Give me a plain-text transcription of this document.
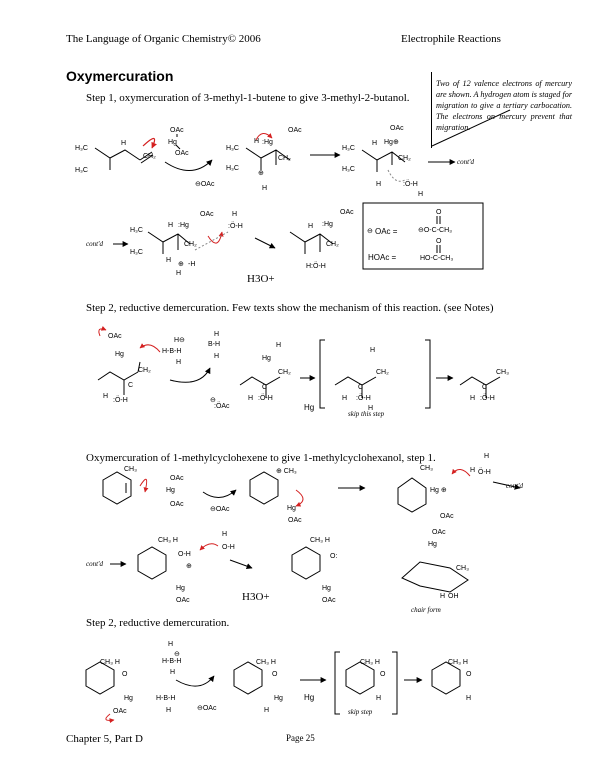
The Language of Organic Chemistry© 2006	Electrophile Reactions
Oxymercuration
Step 1, oxymercuration of 3-methyl-1-butene to give 3-methyl-2-butanol.
Two of 12 valence electrons of mercury are shown. A hydrogen atom is staged for migration to give a tertiary carbocation. The electrons on mercury prevent that migration.
Step 2, reductive demercuration. Few texts show the mechanism of this reaction. (see Notes)
Oxymercuration of 1-methylcyclohexene to give 1-methylcyclohexanol, step 1.
Step 2, reductive demercuration.
Chapter 5, Part D	Page 25
H₃C
H₃C
H
CH₂
OAc
Hg
OAc
⊖OAc
H₃C
H₃C
H :Hg
OAc
CH₂
⊕
H
H₃C
H₃C
H Hg⊕
OAc
CH₂
H	:Ö-H
H
cont'd
cont'd
H₃C
H₃C
H :Hg
OAc
CH₂
H
⊕ -H
H
:Ö-H
H
H3O+
:Hg
OAc
H
CH₂
H:Ö-H
⊖ OAc =	⊖O-C-CH₃
O
HOAc =	HO-C-CH₃
O
OAc
Hg
CH₂
C
H
:Ö-H
H⊖
H-B-H
H
H
B-H
H
:ÖAc
⊖
H
Hg
CH₂
C
H :Ö-H
Hg
H
CH₂
C
H :Ö-H
H
skip this step
CH₃
C
H :Ö-H
CH₃
OAc
Hg
OAc
⊖OAc
⊕ CH₃
Hg
OAc
CH₃
Hg ⊕
OAc
H Ö-H
H
cont'd
cont'd
CH₃ H
O-H
⊕
Hg
OAc
O-H
H
H3O+
CH₃ H
O:
Hg
OAc
OAc
Hg
CH₃
H OH
chair form
CH₃ H
O
Hg
OAc
H
⊖
H-B-H
H
H-B-H
H	⊖OAc
CH₃ H
O
Hg
H
Hg
CH₃ H
O
H
skip step
CH₃ H
O
H
